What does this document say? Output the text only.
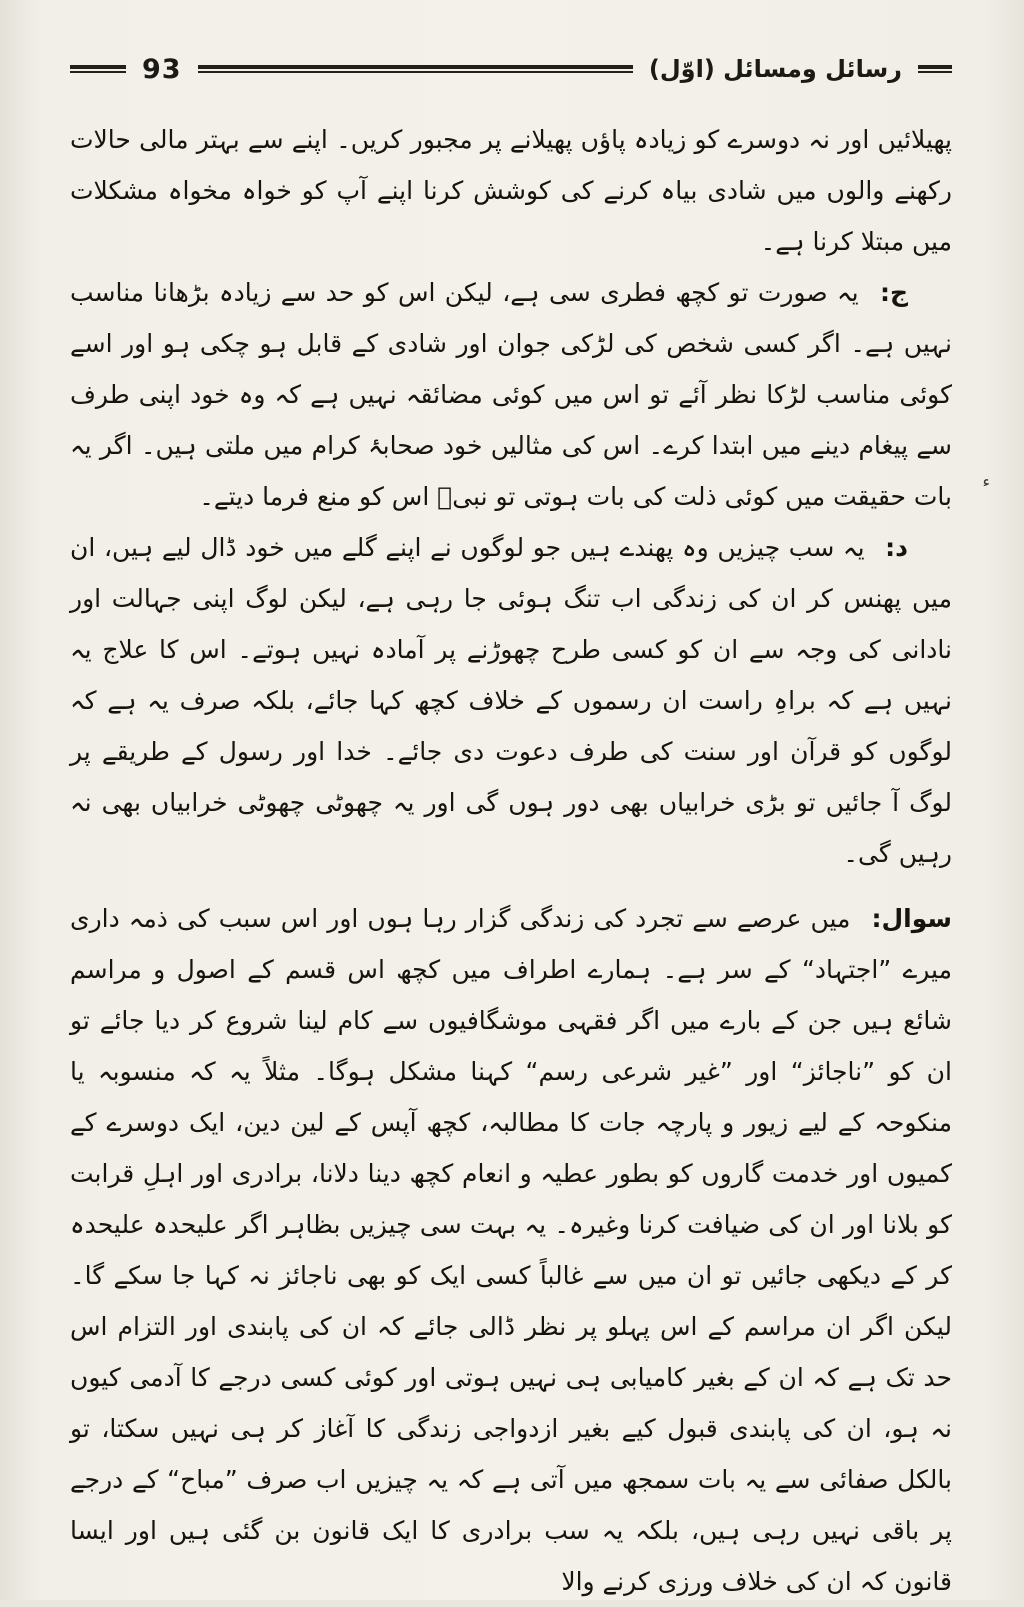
93	رسائل ومسائل (اوّل)

پھیلائیں اور نہ دوسرے کو زیادہ پاؤں پھیلانے پر مجبور کریں۔ اپنے سے بہتر مالی حالات رکھنے والوں میں شادی بیاہ کرنے کی کوشش کرنا اپنے آپ کو خواہ مخواہ مشکلات میں مبتلا کرنا ہے۔

ج: یہ صورت تو کچھ فطری سی ہے، لیکن اس کو حد سے زیادہ بڑھانا مناسب نہیں ہے۔ اگر کسی شخص کی لڑکی جوان اور شادی کے قابل ہو چکی ہو اور اسے کوئی مناسب لڑکا نظر آئے تو اس میں کوئی مضائقہ نہیں ہے کہ وہ خود اپنی طرف سے پیغام دینے میں ابتدا کرے۔ اس کی مثالیں خود صحابۂ کرام میں ملتی ہیں۔ اگر یہ بات حقیقت میں کوئی ذلت کی بات ہوتی تو نبیؐ اس کو منع فرما دیتے۔

د: یہ سب چیزیں وہ پھندے ہیں جو لوگوں نے اپنے گلے میں خود ڈال لیے ہیں، ان میں پھنس کر ان کی زندگی اب تنگ ہوئی جا رہی ہے، لیکن لوگ اپنی جہالت اور نادانی کی وجہ سے ان کو کسی طرح چھوڑنے پر آمادہ نہیں ہوتے۔ اس کا علاج یہ نہیں ہے کہ براہِ راست ان رسموں کے خلاف کچھ کہا جائے، بلکہ صرف یہ ہے کہ لوگوں کو قرآن اور سنت کی طرف دعوت دی جائے۔ خدا اور رسول کے طریقے پر لوگ آ جائیں تو بڑی خرابیاں بھی دور ہوں گی اور یہ چھوٹی چھوٹی خرابیاں بھی نہ رہیں گی۔

سوال: میں عرصے سے تجرد کی زندگی گزار رہا ہوں اور اس سبب کی ذمہ داری میرے ”اجتہاد“ کے سر ہے۔ ہمارے اطراف میں کچھ اس قسم کے اصول و مراسم شائع ہیں جن کے بارے میں اگر فقہی موشگافیوں سے کام لینا شروع کر دیا جائے تو ان کو ”ناجائز“ اور ”غیر شرعی رسم“ کہنا مشکل ہوگا۔ مثلاً یہ کہ منسوبہ یا منکوحہ کے لیے زیور و پارچہ جات کا مطالبہ، کچھ آپس کے لین دین، ایک دوسرے کے کمیوں اور خدمت گاروں کو بطور عطیہ و انعام کچھ دینا دلانا، برادری اور اہلِ قرابت کو بلانا اور ان کی ضیافت کرنا وغیرہ۔ یہ بہت سی چیزیں بظاہر اگر علیحدہ علیحدہ کر کے دیکھی جائیں تو ان میں سے غالباً کسی ایک کو بھی ناجائز نہ کہا جا سکے گا۔ لیکن اگر ان مراسم کے اس پہلو پر نظر ڈالی جائے کہ ان کی پابندی اور التزام اس حد تک ہے کہ ان کے بغیر کامیابی ہی نہیں ہوتی اور کوئی کسی درجے کا آدمی کیوں نہ ہو، ان کی پابندی قبول کیے بغیر ازدواجی زندگی کا آغاز کر ہی نہیں سکتا، تو بالکل صفائی سے یہ بات سمجھ میں آتی ہے کہ یہ چیزیں اب صرف ”مباح“ کے درجے پر باقی نہیں رہی ہیں، بلکہ یہ سب برادری کا ایک قانون بن گئی ہیں اور ایسا قانون کہ ان کی خلاف ورزی کرنے والا

ء
